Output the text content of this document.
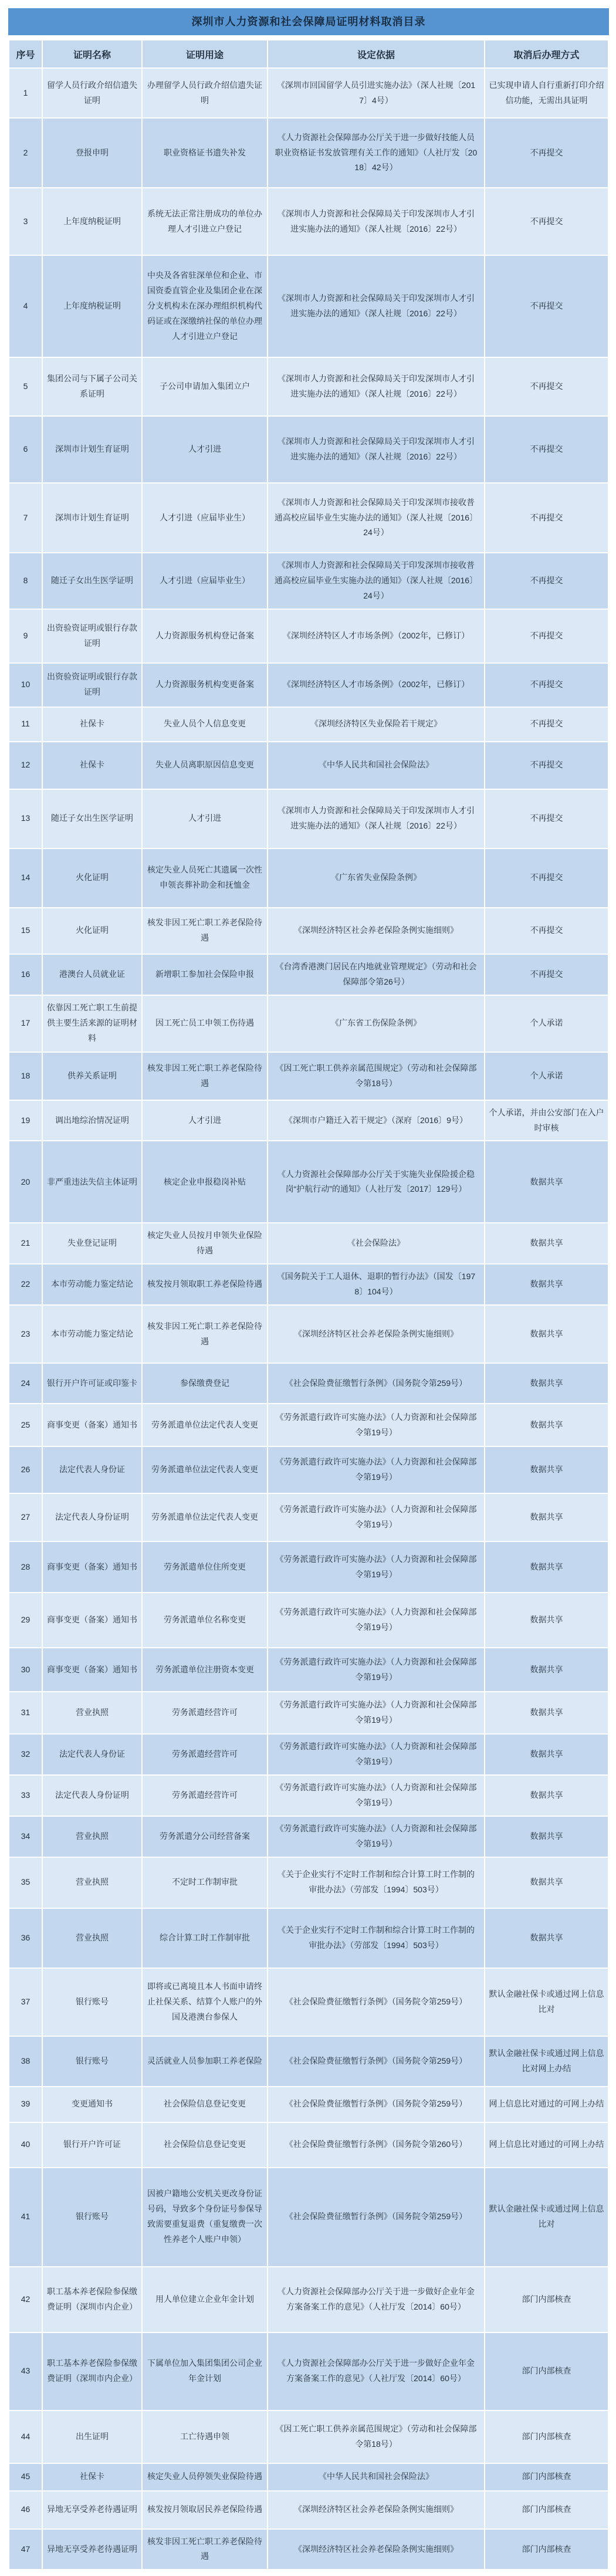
深圳市人力资源和社会保障局证明材料取消目录
序号	证明名称	证明用途	设定依据	取消后办理方式
1	留学人员行政介绍信遗失证明	办理留学人员行政介绍信遗失证明	《深圳市回国留学人员引进实施办法》（深人社规〔2017〕4号）	已实现申请人自行重新打印介绍信功能，无需出具证明
2	登报申明	职业资格证书遗失补发	《人力资源社会保障部办公厅关于进一步做好技能人员职业资格证书发放管理有关工作的通知》（人社厅发〔2018〕42号）	不再提交
3	上年度纳税证明	系统无法正常注册成功的单位办理人才引进立户登记	《深圳市人力资源和社会保障局关于印发深圳市人才引进实施办法的通知》（深人社规〔2016〕22号）	不再提交
4	上年度纳税证明	中央及各省驻深单位和企业、市国资委直管企业及集团企业在深分支机构未在深办理组织机构代码证或在深缴纳社保的单位办理人才引进立户登记	《深圳市人力资源和社会保障局关于印发深圳市人才引进实施办法的通知》（深人社规〔2016〕22号）	不再提交
5	集团公司与下属子公司关系证明	子公司申请加入集团立户	《深圳市人力资源和社会保障局关于印发深圳市人才引进实施办法的通知》（深人社规〔2016〕22号）	不再提交
6	深圳市计划生育证明	人才引进	《深圳市人力资源和社会保障局关于印发深圳市人才引进实施办法的通知》（深人社规〔2016〕22号）	不再提交
7	深圳市计划生育证明	人才引进（应届毕业生）	《深圳市人力资源和社会保障局关于印发深圳市接收普通高校应届毕业生实施办法的通知》（深人社规〔2016〕24号）	不再提交
8	随迁子女出生医学证明	人才引进（应届毕业生）	《深圳市人力资源和社会保障局关于印发深圳市接收普通高校应届毕业生实施办法的通知》（深人社规〔2016〕24号）	不再提交
9	出资验资证明或银行存款证明	人力资源服务机构登记备案	《深圳经济特区人才市场条例》（2002年，已修订）	不再提交
10	出资验资证明或银行存款证明	人力资源服务机构变更备案	《深圳经济特区人才市场条例》（2002年，已修订）	不再提交
11	社保卡	失业人员个人信息变更	《深圳经济特区失业保险若干规定》	不再提交
12	社保卡	失业人员离职原因信息变更	《中华人民共和国社会保险法》	不再提交
13	随迁子女出生医学证明	人才引进	《深圳市人力资源和社会保障局关于印发深圳市人才引进实施办法的通知》（深人社规〔2016〕22号）	不再提交
14	火化证明	核定失业人员死亡其遗属一次性申领丧葬补助金和抚恤金	《广东省失业保险条例》	不再提交
15	火化证明	核发非因工死亡职工养老保险待遇	《深圳经济特区社会养老保险条例实施细则》	不再提交
16	港澳台人员就业证	新增职工参加社会保险申报	《台湾香港澳门居民在内地就业管理规定》（劳动和社会保障部令第26号）	不再提交
17	依靠因工死亡职工生前提供主要生活来源的证明材料	因工死亡员工申领工伤待遇	《广东省工伤保险条例》	个人承诺
18	供养关系证明	核发非因工死亡职工养老保险待遇	《因工死亡职工供养亲属范围规定》（劳动和社会保障部令第18号）	个人承诺
19	调出地综治情况证明	人才引进	《深圳市户籍迁入若干规定》（深府〔2016〕9号）	个人承诺，并由公安部门在入户时审核
20	非严重违法失信主体证明	核定企业申报稳岗补贴	《人力资源社会保障部办公厅关于实施失业保险援企稳岗“护航行动”的通知》（人社厅发〔2017〕129号）	数据共享
21	失业登记证明	核定失业人员按月申领失业保险待遇	《社会保险法》	数据共享
22	本市劳动能力鉴定结论	核发按月领取职工养老保险待遇	《国务院关于工人退休、退职的暂行办法》（国发〔1978〕104号）	数据共享
23	本市劳动能力鉴定结论	核发非因工死亡职工养老保险待遇	《深圳经济特区社会养老保险条例实施细则》	数据共享
24	银行开户许可证或印鉴卡	参保缴费登记	《社会保险费征缴暂行条例》（国务院令第259号）	数据共享
25	商事变更（备案）通知书	劳务派遣单位法定代表人变更	《劳务派遣行政许可实施办法》（人力资源和社会保障部令第19号）	数据共享
26	法定代表人身份证	劳务派遣单位法定代表人变更	《劳务派遣行政许可实施办法》（人力资源和社会保障部令第19号）	数据共享
27	法定代表人身份证明	劳务派遣单位法定代表人变更	《劳务派遣行政许可实施办法》（人力资源和社会保障部令第19号）	数据共享
28	商事变更（备案）通知书	劳务派遣单位住所变更	《劳务派遣行政许可实施办法》（人力资源和社会保障部令第19号）	数据共享
29	商事变更（备案）通知书	劳务派遣单位名称变更	《劳务派遣行政许可实施办法》（人力资源和社会保障部令第19号）	数据共享
30	商事变更（备案）通知书	劳务派遣单位注册资本变更	《劳务派遣行政许可实施办法》（人力资源和社会保障部令第19号）	数据共享
31	营业执照	劳务派遣经营许可	《劳务派遣行政许可实施办法》（人力资源和社会保障部令第19号）	数据共享
32	法定代表人身份证	劳务派遣经营许可	《劳务派遣行政许可实施办法》（人力资源和社会保障部令第19号）	数据共享
33	法定代表人身份证明	劳务派遣经营许可	《劳务派遣行政许可实施办法》（人力资源和社会保障部令第19号）	数据共享
34	营业执照	劳务派遣分公司经营备案	《劳务派遣行政许可实施办法》（人力资源和社会保障部令第19号）	数据共享
35	营业执照	不定时工作制审批	《关于企业实行不定时工作制和综合计算工时工作制的审批办法》（劳部发〔1994〕503号）	数据共享
36	营业执照	综合计算工时工作制审批	《关于企业实行不定时工作制和综合计算工时工作制的审批办法》（劳部发〔1994〕503号）	数据共享
37	银行账号	即将或已离境且本人书面申请终止社保关系、结算个人账户的外国及港澳台参保人	《社会保险费征缴暂行条例》（国务院令第259号）	默认金融社保卡或通过网上信息比对
38	银行账号	灵活就业人员参加职工养老保险	《社会保险费征缴暂行条例》（国务院令第259号）	默认金融社保卡或通过网上信息比对网上办结
39	变更通知书	社会保险信息登记变更	《社会保险费征缴暂行条例》（国务院令第259号）	网上信息比对通过的可网上办结
40	银行开户许可证	社会保险信息登记变更	《社会保险费征缴暂行条例》（国务院令第260号）	网上信息比对通过的可网上办结
41	银行账号	因被户籍地公安机关更改身份证号码，导致多个身份证号参保导致需要重复退费（重复缴费一次性养老个人账户申领）	《社会保险费征缴暂行条例》（国务院令第259号）	默认金融社保卡或通过网上信息比对
42	职工基本养老保险参保缴费证明（深圳市内企业）	用人单位建立企业年金计划	《人力资源社会保障部办公厅关于进一步做好企业年金方案备案工作的意见》（人社厅发〔2014〕60号）	部门内部核查
43	职工基本养老保险参保缴费证明（深圳市内企业）	下属单位加入集团集团公司企业年金计划	《人力资源社会保障部办公厅关于进一步做好企业年金方案备案工作的意见》（人社厅发〔2014〕60号）	部门内部核查
44	出生证明	工亡待遇申领	《因工死亡职工供养亲属范围规定》（劳动和社会保障部令第18号）	部门内部核查
45	社保卡	核定失业人员停领失业保险待遇	《中华人民共和国社会保险法》	部门内部核查
46	异地无享受养老待遇证明	核发按月领取居民养老保险待遇	《深圳经济特区社会养老保险条例实施细则》	部门内部核查
47	异地无享受养老待遇证明	核发非因工死亡职工养老保险待遇	《深圳经济特区社会养老保险条例实施细则》	部门内部核查
